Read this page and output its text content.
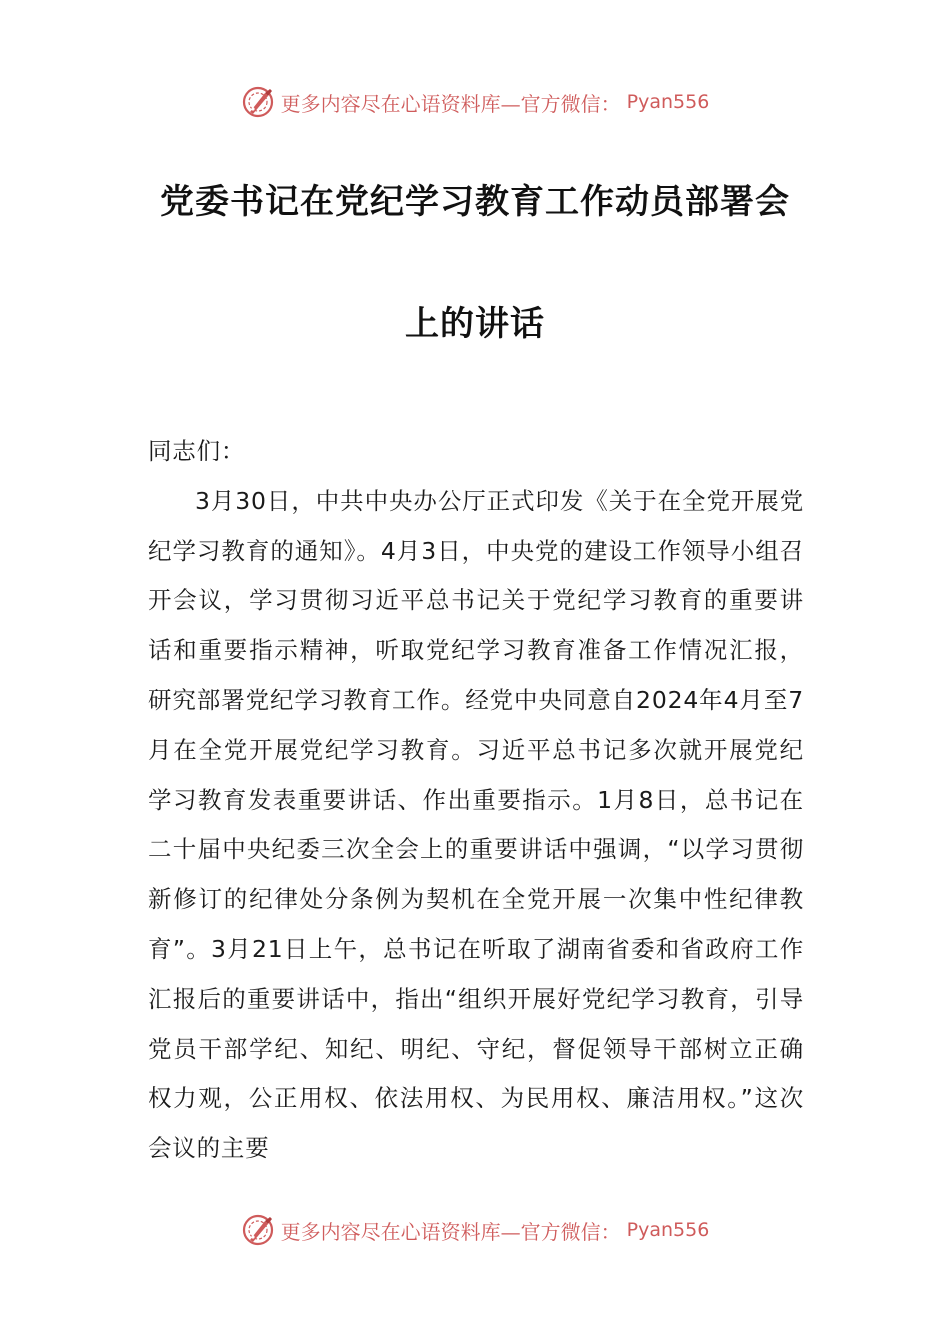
更多内容尽在心语资料库—官方微信： Pyan556
党委书记在党纪学习教育工作动员部署会
上的讲话

同志们：

3月30日，中共中央办公厅正式印发《关于在全党开展党纪学习教育的通知》。4月3日，中央党的建设工作领导小组召开会议，学习贯彻习近平总书记关于党纪学习教育的重要讲话和重要指示精神，听取党纪学习教育准备工作情况汇报，研究部署党纪学习教育工作。经党中央同意自2024年4月至7月在全党开展党纪学习教育。习近平总书记多次就开展党纪学习教育发表重要讲话、作出重要指示。1月8日，总书记在二十届中央纪委三次全会上的重要讲话中强调，“以学习贯彻新修订的纪律处分条例为契机在全党开展一次集中性纪律教育”。3月21日上午，总书记在听取了湖南省委和省政府工作汇报后的重要讲话中，指出“组织开展好党纪学习教育，引导党员干部学纪、知纪、明纪、守纪，督促领导干部树立正确权力观，公正用权、依法用权、为民用权、廉洁用权。”这次会议的主要

更多内容尽在心语资料库—官方微信： Pyan556
